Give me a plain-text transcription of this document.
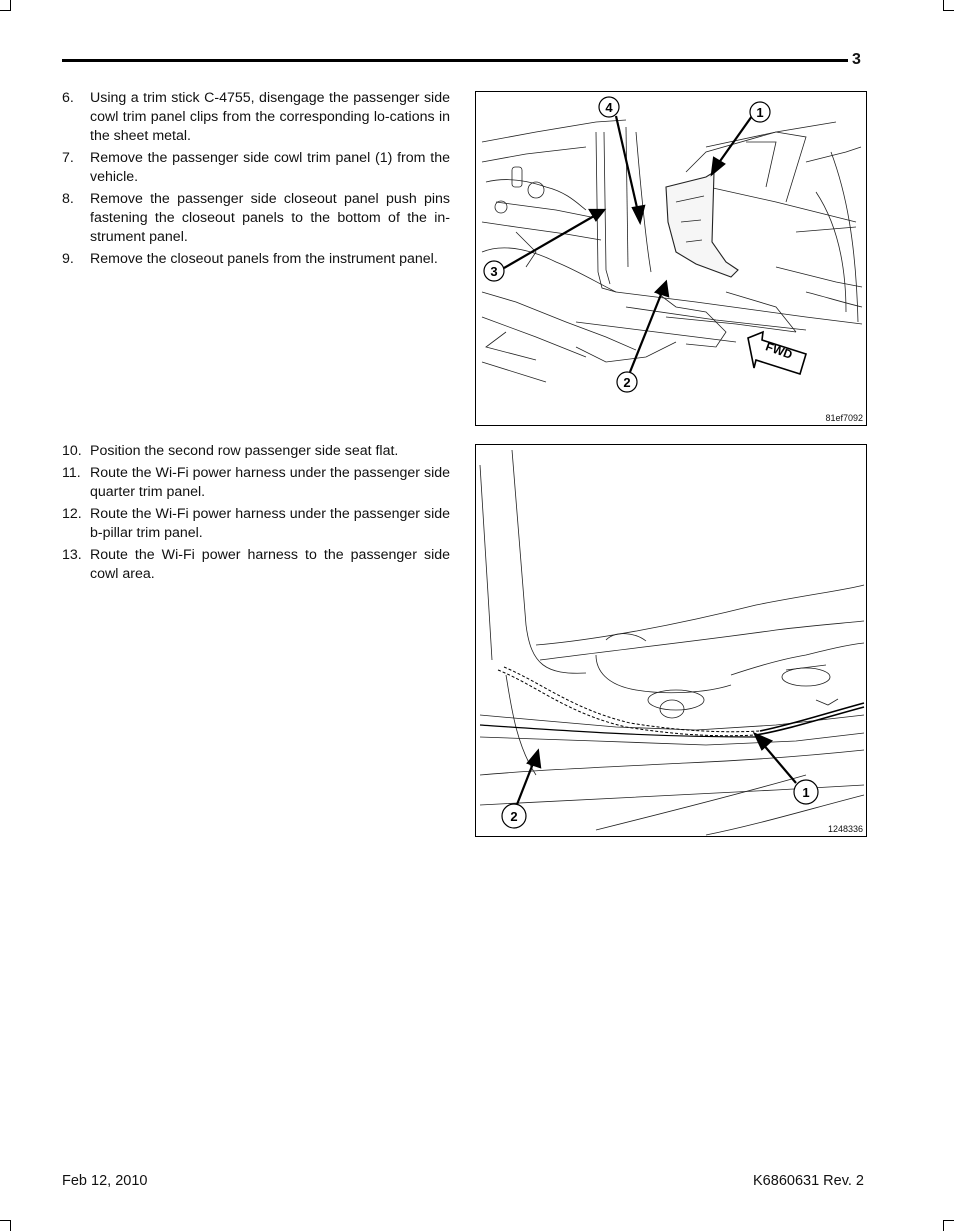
3
6. Using a trim stick C-4755, disengage the passenger side cowl trim panel clips from the corresponding lo-cations in the sheet metal.
7. Remove the passenger side cowl trim panel (1) from the vehicle.
8. Remove the passenger side closeout panel push pins fastening the closeout panels to the bottom of the in-strument panel.
9. Remove the closeout panels from the instrument panel.
FWD
1
2
3
4
81ef7092
10. Position the second row passenger side seat flat.
11. Route the Wi-Fi power harness under the passenger side quarter trim panel.
12. Route the Wi-Fi power harness under the passenger side b-pillar trim panel.
13. Route the Wi-Fi power harness to the passenger side cowl area.
1
2
1248336
Feb 12, 2010	K6860631 Rev. 2
